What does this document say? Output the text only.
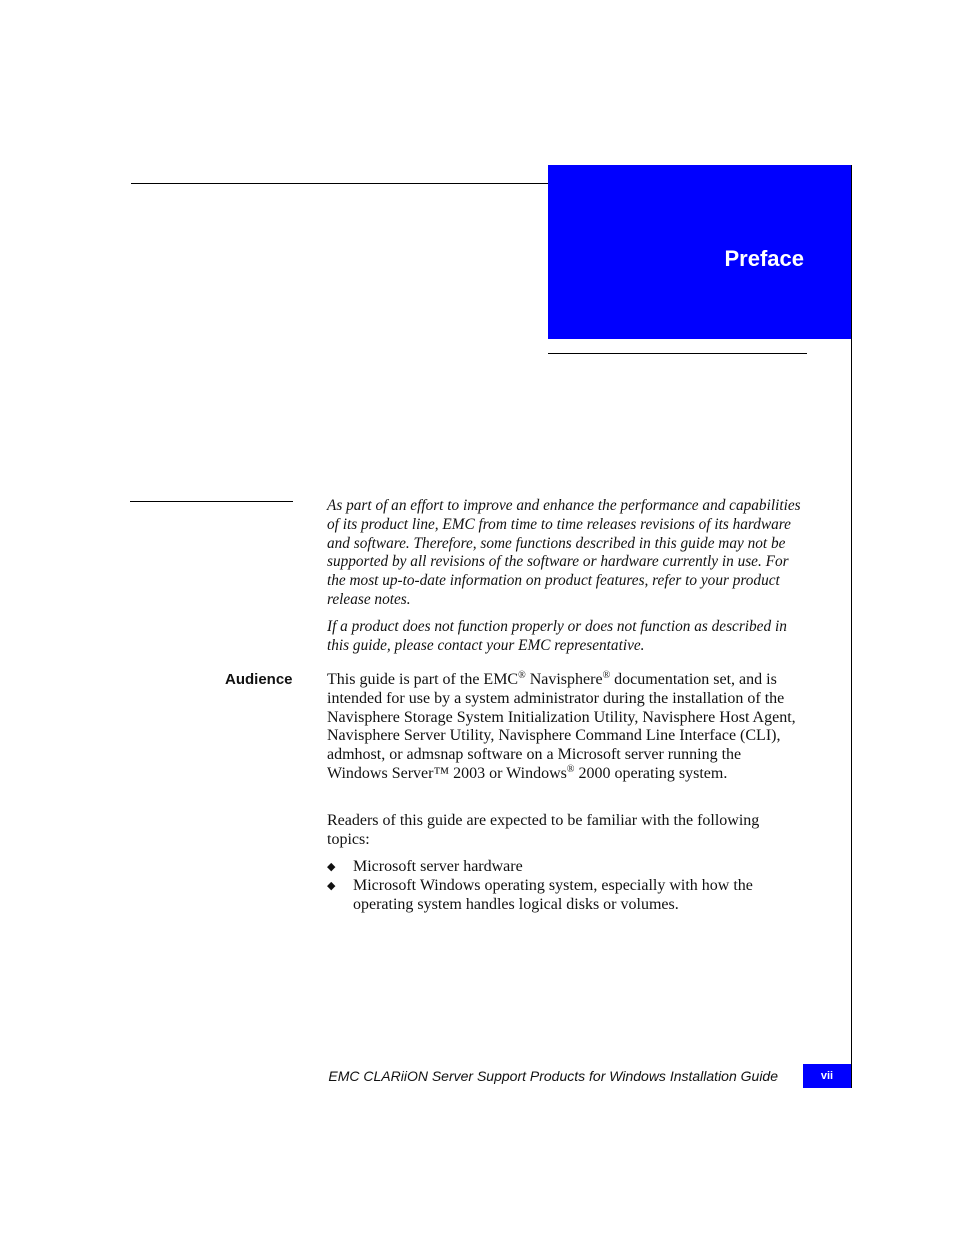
Preface

As part of an effort to improve and enhance the performance and capabilities of its product line, EMC from time to time releases revisions of its hardware and software. Therefore, some functions described in this guide may not be supported by all revisions of the software or hardware currently in use. For the most up-to-date information on product features, refer to your product release notes.

If a product does not function properly or does not function as described in this guide, please contact your EMC representative.

Audience This guide is part of the EMC® Navisphere® documentation set, and is intended for use by a system administrator during the installation of the Navisphere Storage System Initialization Utility, Navisphere Host Agent, Navisphere Server Utility, Navisphere Command Line Interface (CLI), admhost, or admsnap software on a Microsoft server running the Windows Server™ 2003 or Windows® 2000 operating system.

Readers of this guide are expected to be familiar with the following topics:

◆ Microsoft server hardware
◆ Microsoft Windows operating system, especially with how the operating system handles logical disks or volumes.
EMC CLARiiON Server Support Products for Windows Installation Guide	vii
